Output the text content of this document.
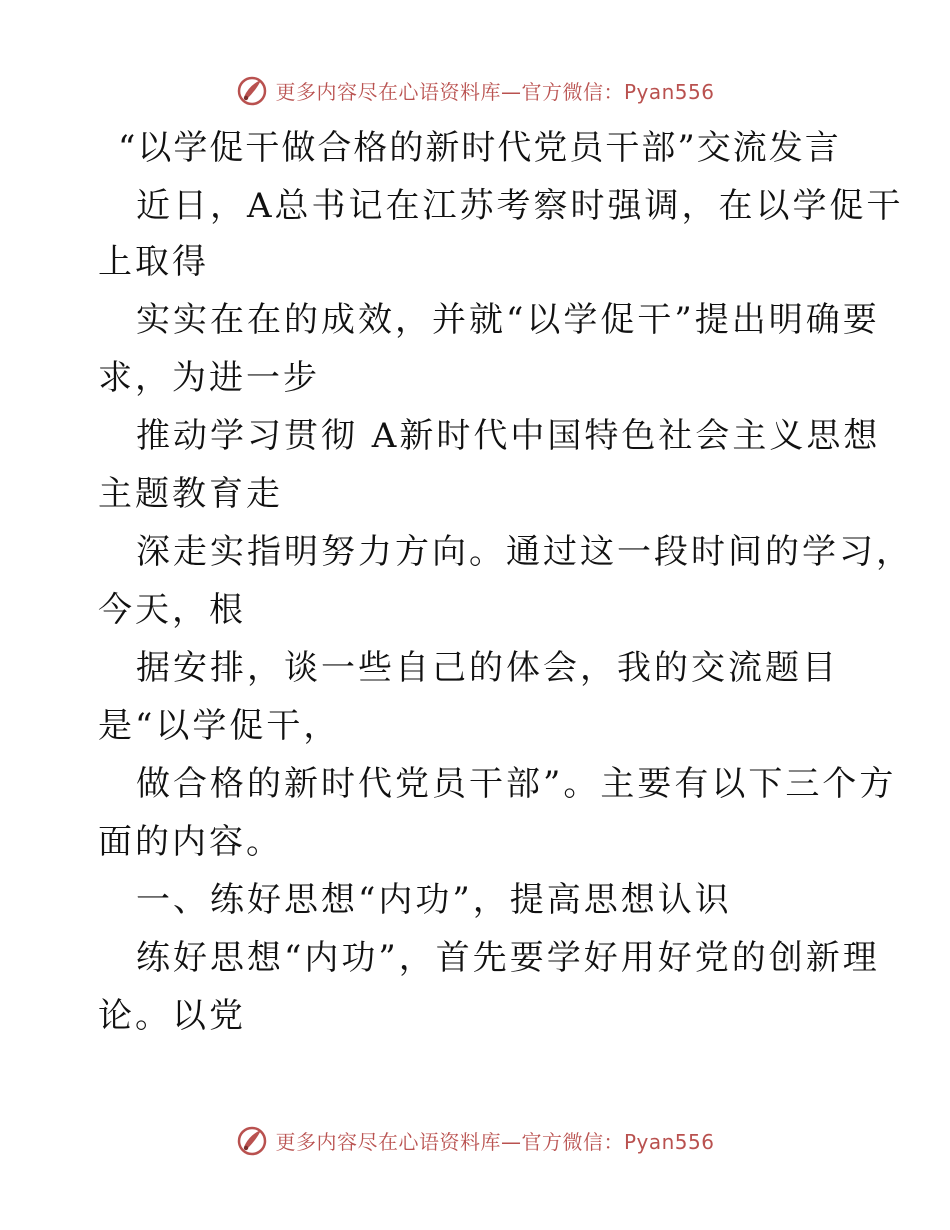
更多内容尽在心语资料库—官方微信：Pyan556
“以学促干做合格的新时代党员干部”交流发言
近日，A总书记在江苏考察时强调，在以学促干
上取得
实实在在的成效，并就“以学促干”提出明确要
求，为进一步
推动学习贯彻 A新时代中国特色社会主义思想
主题教育走
深走实指明努力方向。通过这一段时间的学习，
今天，根
据安排，谈一些自己的体会，我的交流题目
是“以学促干，
做合格的新时代党员干部”。主要有以下三个方
面的内容。
一、练好思想“内功”，提高思想认识
练好思想“内功”，首先要学好用好党的创新理
论。以党
更多内容尽在心语资料库—官方微信：Pyan556
